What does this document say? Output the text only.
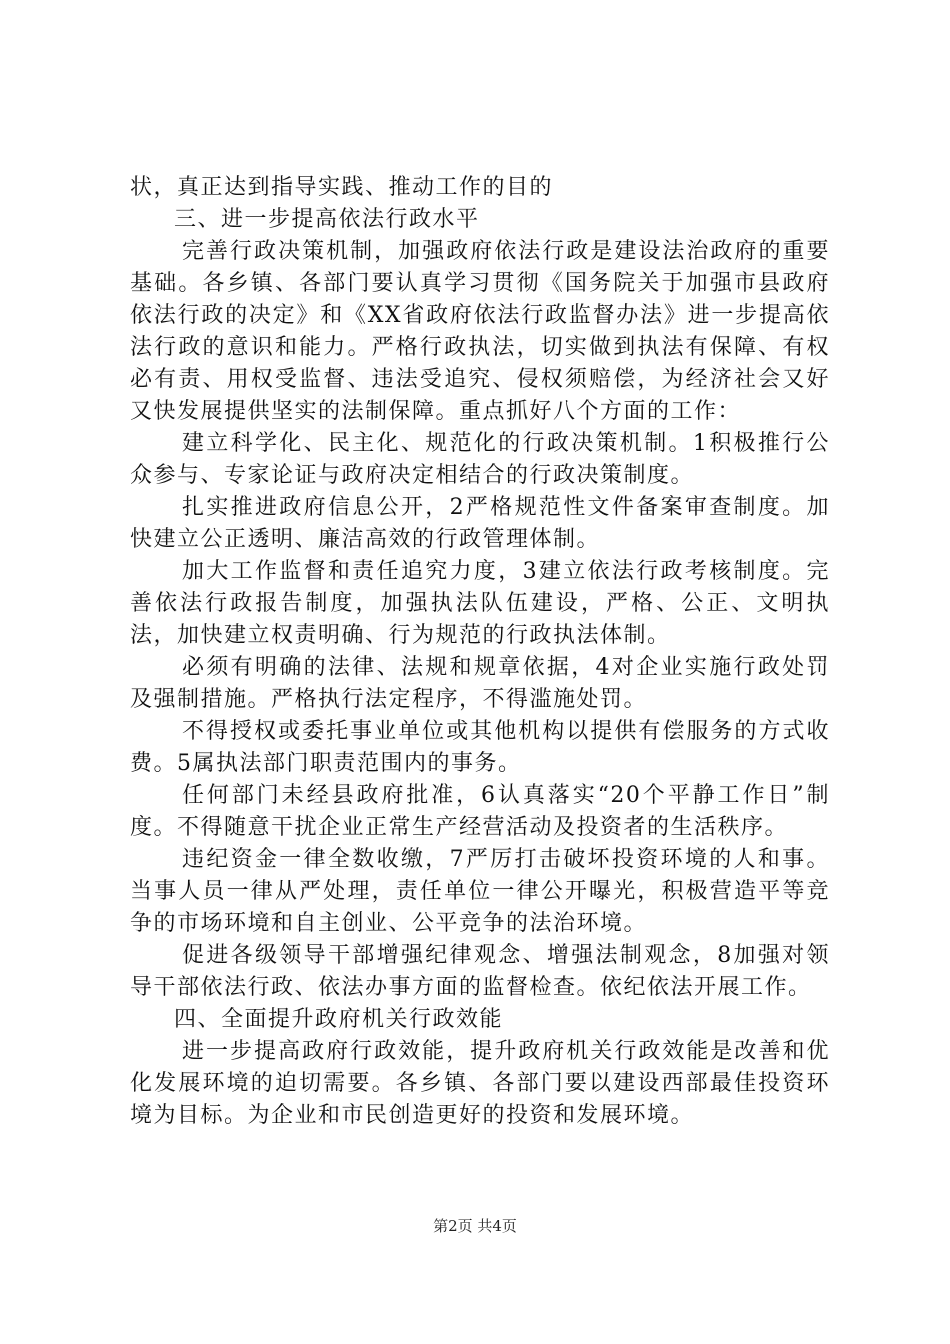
状，真正达到指导实践、推动工作的目的

三、进一步提高依法行政水平

完善行政决策机制，加强政府依法行政是建设法治政府的重要基础。各乡镇、各部门要认真学习贯彻《国务院关于加强市县政府依法行政的决定》和《XX省政府依法行政监督办法》进一步提高依法行政的意识和能力。严格行政执法，切实做到执法有保障、有权必有责、用权受监督、违法受追究、侵权须赔偿，为经济社会又好又快发展提供坚实的法制保障。重点抓好八个方面的工作：

建立科学化、民主化、规范化的行政决策机制。1积极推行公众参与、专家论证与政府决定相结合的行政决策制度。

扎实推进政府信息公开，2严格规范性文件备案审查制度。加快建立公正透明、廉洁高效的行政管理体制。

加大工作监督和责任追究力度，3建立依法行政考核制度。完善依法行政报告制度，加强执法队伍建设，严格、公正、文明执法，加快建立权责明确、行为规范的行政执法体制。

必须有明确的法律、法规和规章依据，4对企业实施行政处罚及强制措施。严格执行法定程序，不得滥施处罚。

不得授权或委托事业单位或其他机构以提供有偿服务的方式收费。5属执法部门职责范围内的事务。

任何部门未经县政府批准，6认真落实“20个平静工作日”制度。不得随意干扰企业正常生产经营活动及投资者的生活秩序。

违纪资金一律全数收缴，7严厉打击破坏投资环境的人和事。当事人员一律从严处理，责任单位一律公开曝光，积极营造平等竞争的市场环境和自主创业、公平竞争的法治环境。

促进各级领导干部增强纪律观念、增强法制观念，8加强对领导干部依法行政、依法办事方面的监督检查。依纪依法开展工作。

四、全面提升政府机关行政效能

进一步提高政府行政效能，提升政府机关行政效能是改善和优化发展环境的迫切需要。各乡镇、各部门要以建设西部最佳投资环境为目标。为企业和市民创造更好的投资和发展环境。

第2页 共4页
